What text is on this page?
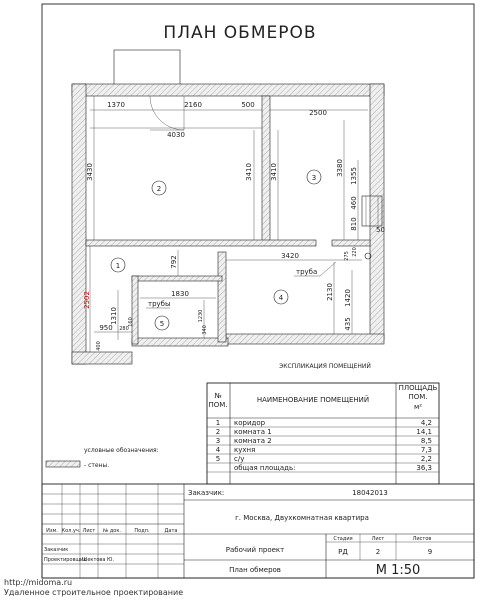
ПЛАН ОБМЕРОВ
2
3
1
4
5
1370	2160	500
2500
4030
3430	3410 3410	3380 1355
460
810	50
3420	275 220
труба
792
2130 1420
435
1830
трубы
1230
340
2502
1310
950 280
160
400
ЭКСПЛИКАЦИЯ ПОМЕЩЕНИЙ
№
ПОМ.
НАИМЕНОВАНИЕ ПОМЕЩЕНИЙ
ПЛОЩАДЬ
ПОМ.
м²
1 коридор	4,2
2 комната 1	14,1
3 комната 2	8,5
4 кухня	7,3
5 с/у	2,2
общая площадь:	36,3
условные обозначения:
- стены.
Изм. Кол.уч. Лист № док.	Подп.	Дата
Заказчик
Проектировщик
Шектова Ю.
Заказчик:	18042013
г. Москва, Двухкомнатная квартира
Рабочий проект
Стадия	Лист	Листов
РД	2	9
План обмеров	М 1:50
http://midoma.ru
Удаленное строительное проектирование
